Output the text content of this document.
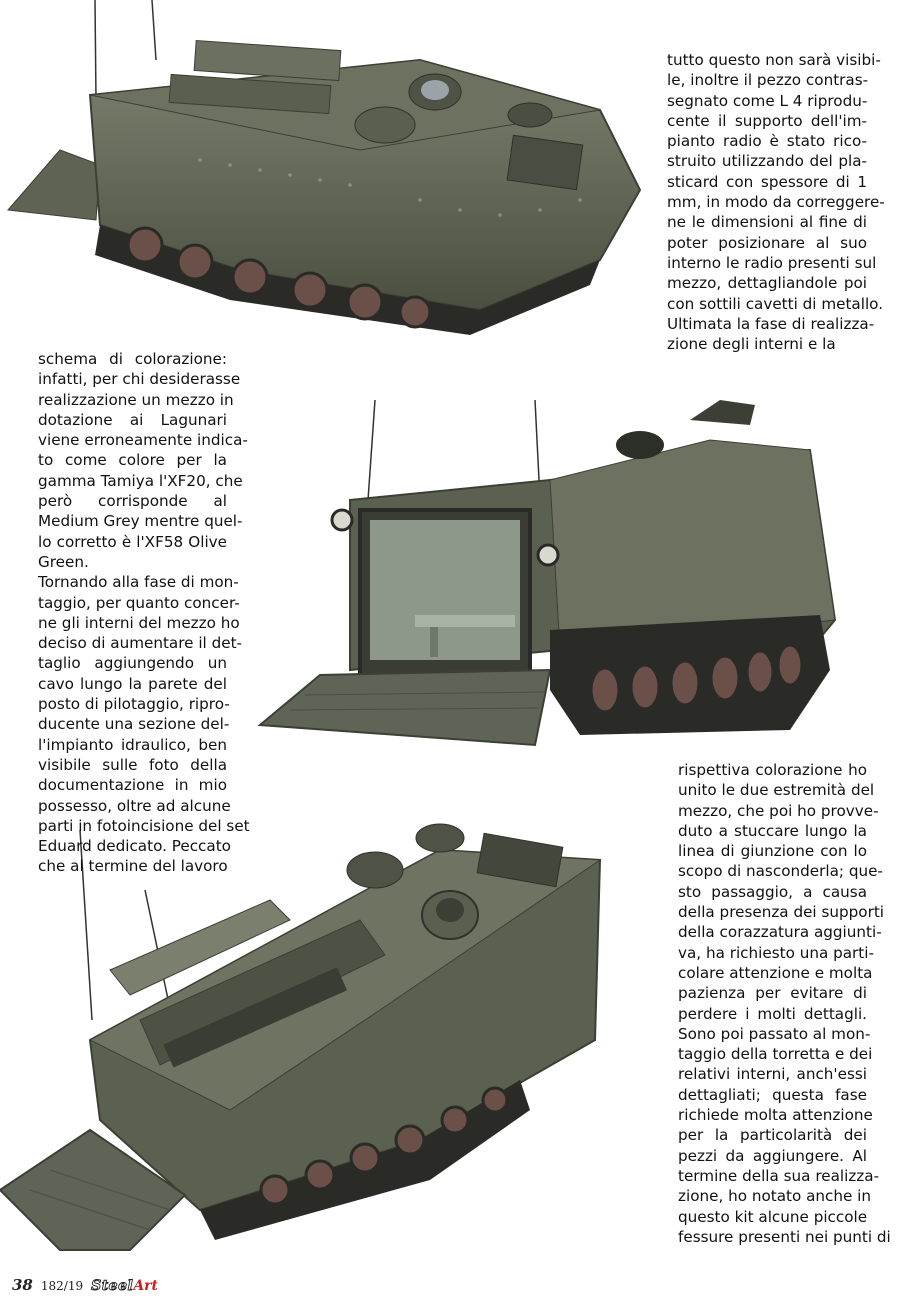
tutto questo non sarà visibi-
le, inoltre il pezzo contras-
segnato come L 4 riprodu-
cente il supporto dell'im-
pianto radio è stato rico-
struito utilizzando del pla-
sticard con spessore di 1
mm, in modo da correggere-
ne le dimensioni al fine di
poter posizionare al suo
interno le radio presenti sul
mezzo, dettagliandole poi
con sottili cavetti di metallo.
Ultimata la fase di realizza-
zione degli interni e la
schema di colorazione:
infatti, per chi desiderasse
realizzazione un mezzo in
dotazione ai Lagunari
viene erroneamente indica-
to come colore per la
gamma Tamiya l'XF20, che
però corrisponde al
Medium Grey mentre quel-
lo corretto è l'XF58 Olive
Green.
Tornando alla fase di mon-
taggio, per quanto concer-
ne gli interni del mezzo ho
deciso di aumentare il det-
taglio aggiungendo un
cavo lungo la parete del
posto di pilotaggio, ripro-
ducente una sezione del-
l'impianto idraulico, ben
visibile sulle foto della
documentazione in mio
possesso, oltre ad alcune
parti in fotoincisione del set
Eduard dedicato. Peccato
che al termine del lavoro
rispettiva colorazione ho
unito le due estremità del
mezzo, che poi ho provve-
duto a stuccare lungo la
linea di giunzione con lo
scopo di nasconderla; que-
sto passaggio, a causa
della presenza dei supporti
della corazzatura aggiunti-
va, ha richiesto una parti-
colare attenzione e molta
pazienza per evitare di
perdere i molti dettagli.
Sono poi passato al mon-
taggio della torretta e dei
relativi interni, anch'essi
dettagliati; questa fase
richiede molta attenzione
per la particolarità dei
pezzi da aggiungere. Al
termine della sua realizza-
zione, ho notato anche in
questo kit alcune piccole
fessure presenti nei punti di
38 182/19 SteelArt
